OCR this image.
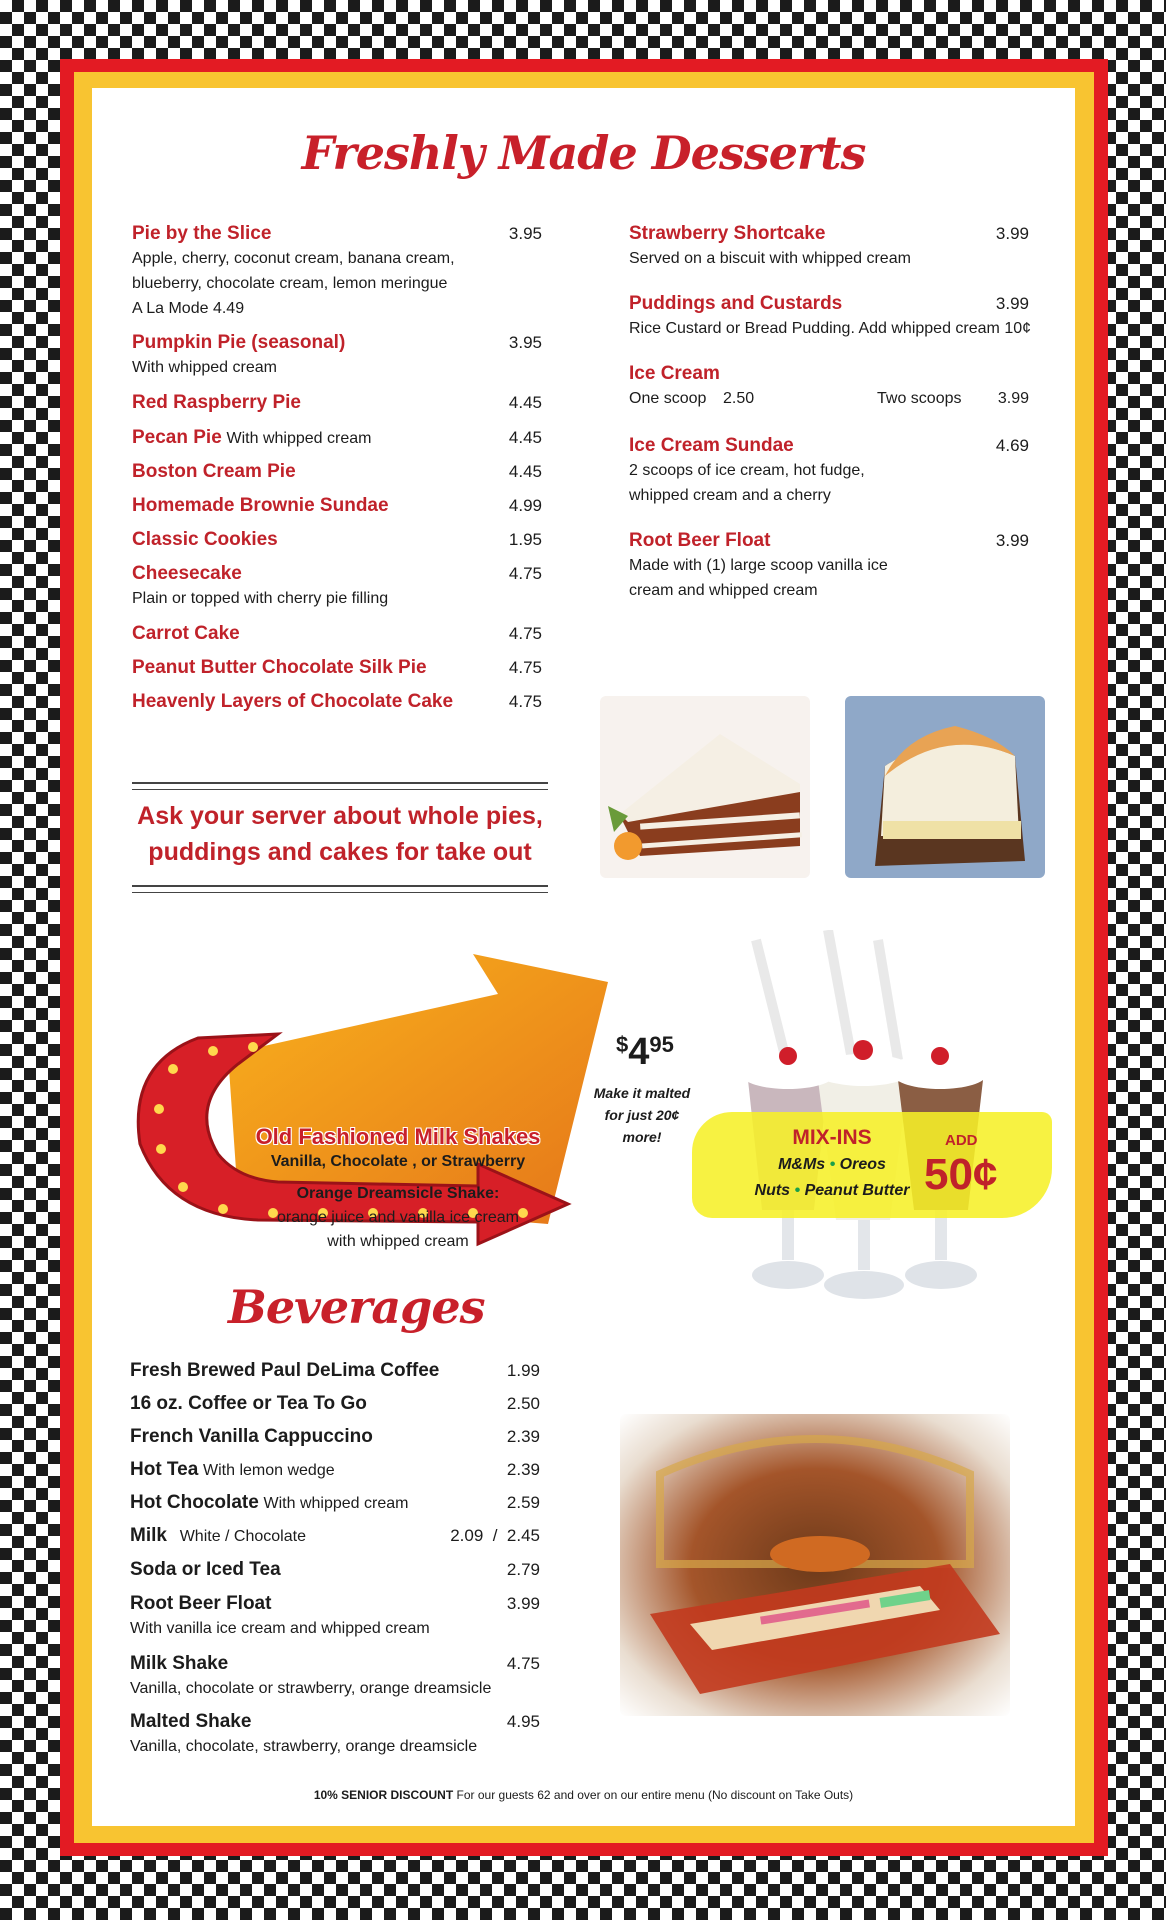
Freshly Made Desserts
Pie by the Slice	3.95
Apple, cherry, coconut cream, banana cream,
blueberry, chocolate cream, lemon meringue
A La Mode 4.49
Pumpkin Pie (seasonal)	3.95
With whipped cream
Red Raspberry Pie	4.45
Pecan Pie With whipped cream	4.45
Boston Cream Pie	4.45
Homemade Brownie Sundae	4.99
Classic Cookies	1.95
Cheesecake	4.75
Plain or topped with cherry pie filling
Carrot Cake	4.75
Peanut Butter Chocolate Silk Pie	4.75
Heavenly Layers of Chocolate Cake	4.75
Strawberry Shortcake	3.99
Served on a biscuit with whipped cream
Puddings and Custards	3.99
Rice Custard or Bread Pudding. Add whipped cream 10¢
Ice Cream
One scoop 2.50	Two scoops 3.99
Ice Cream Sundae	4.69
2 scoops of ice cream, hot fudge,
whipped cream and a cherry
Root Beer Float	3.99
Made with (1) large scoop vanilla ice
cream and whipped cream
Ask your server about whole pies,
puddings and cakes for take out
Old Fashioned Milk Shakes
Vanilla, Chocolate , or Strawberry
Orange Dreamsicle Shake:
orange juice and vanilla ice cream
with whipped cream
$495
Make it malted
for just 20¢
more!	MIX-INS
M&Ms • Oreos
Nuts • Peanut Butter
ADD
50¢
Beverages
Fresh Brewed Paul DeLima Coffee	1.99
16 oz. Coffee or Tea To Go	2.50
French Vanilla Cappuccino	2.39
Hot Tea With lemon wedge	2.39
Hot Chocolate With whipped cream	2.59
Milk White / Chocolate	2.09  /  2.45
Soda or Iced Tea	2.79
Root Beer Float	3.99
With vanilla ice cream and whipped cream
Milk Shake	4.75
Vanilla, chocolate or strawberry, orange dreamsicle
Malted Shake	4.95
Vanilla, chocolate, strawberry, orange dreamsicle
10% SENIOR DISCOUNT For our guests 62 and over on our entire menu (No discount on Take Outs)
